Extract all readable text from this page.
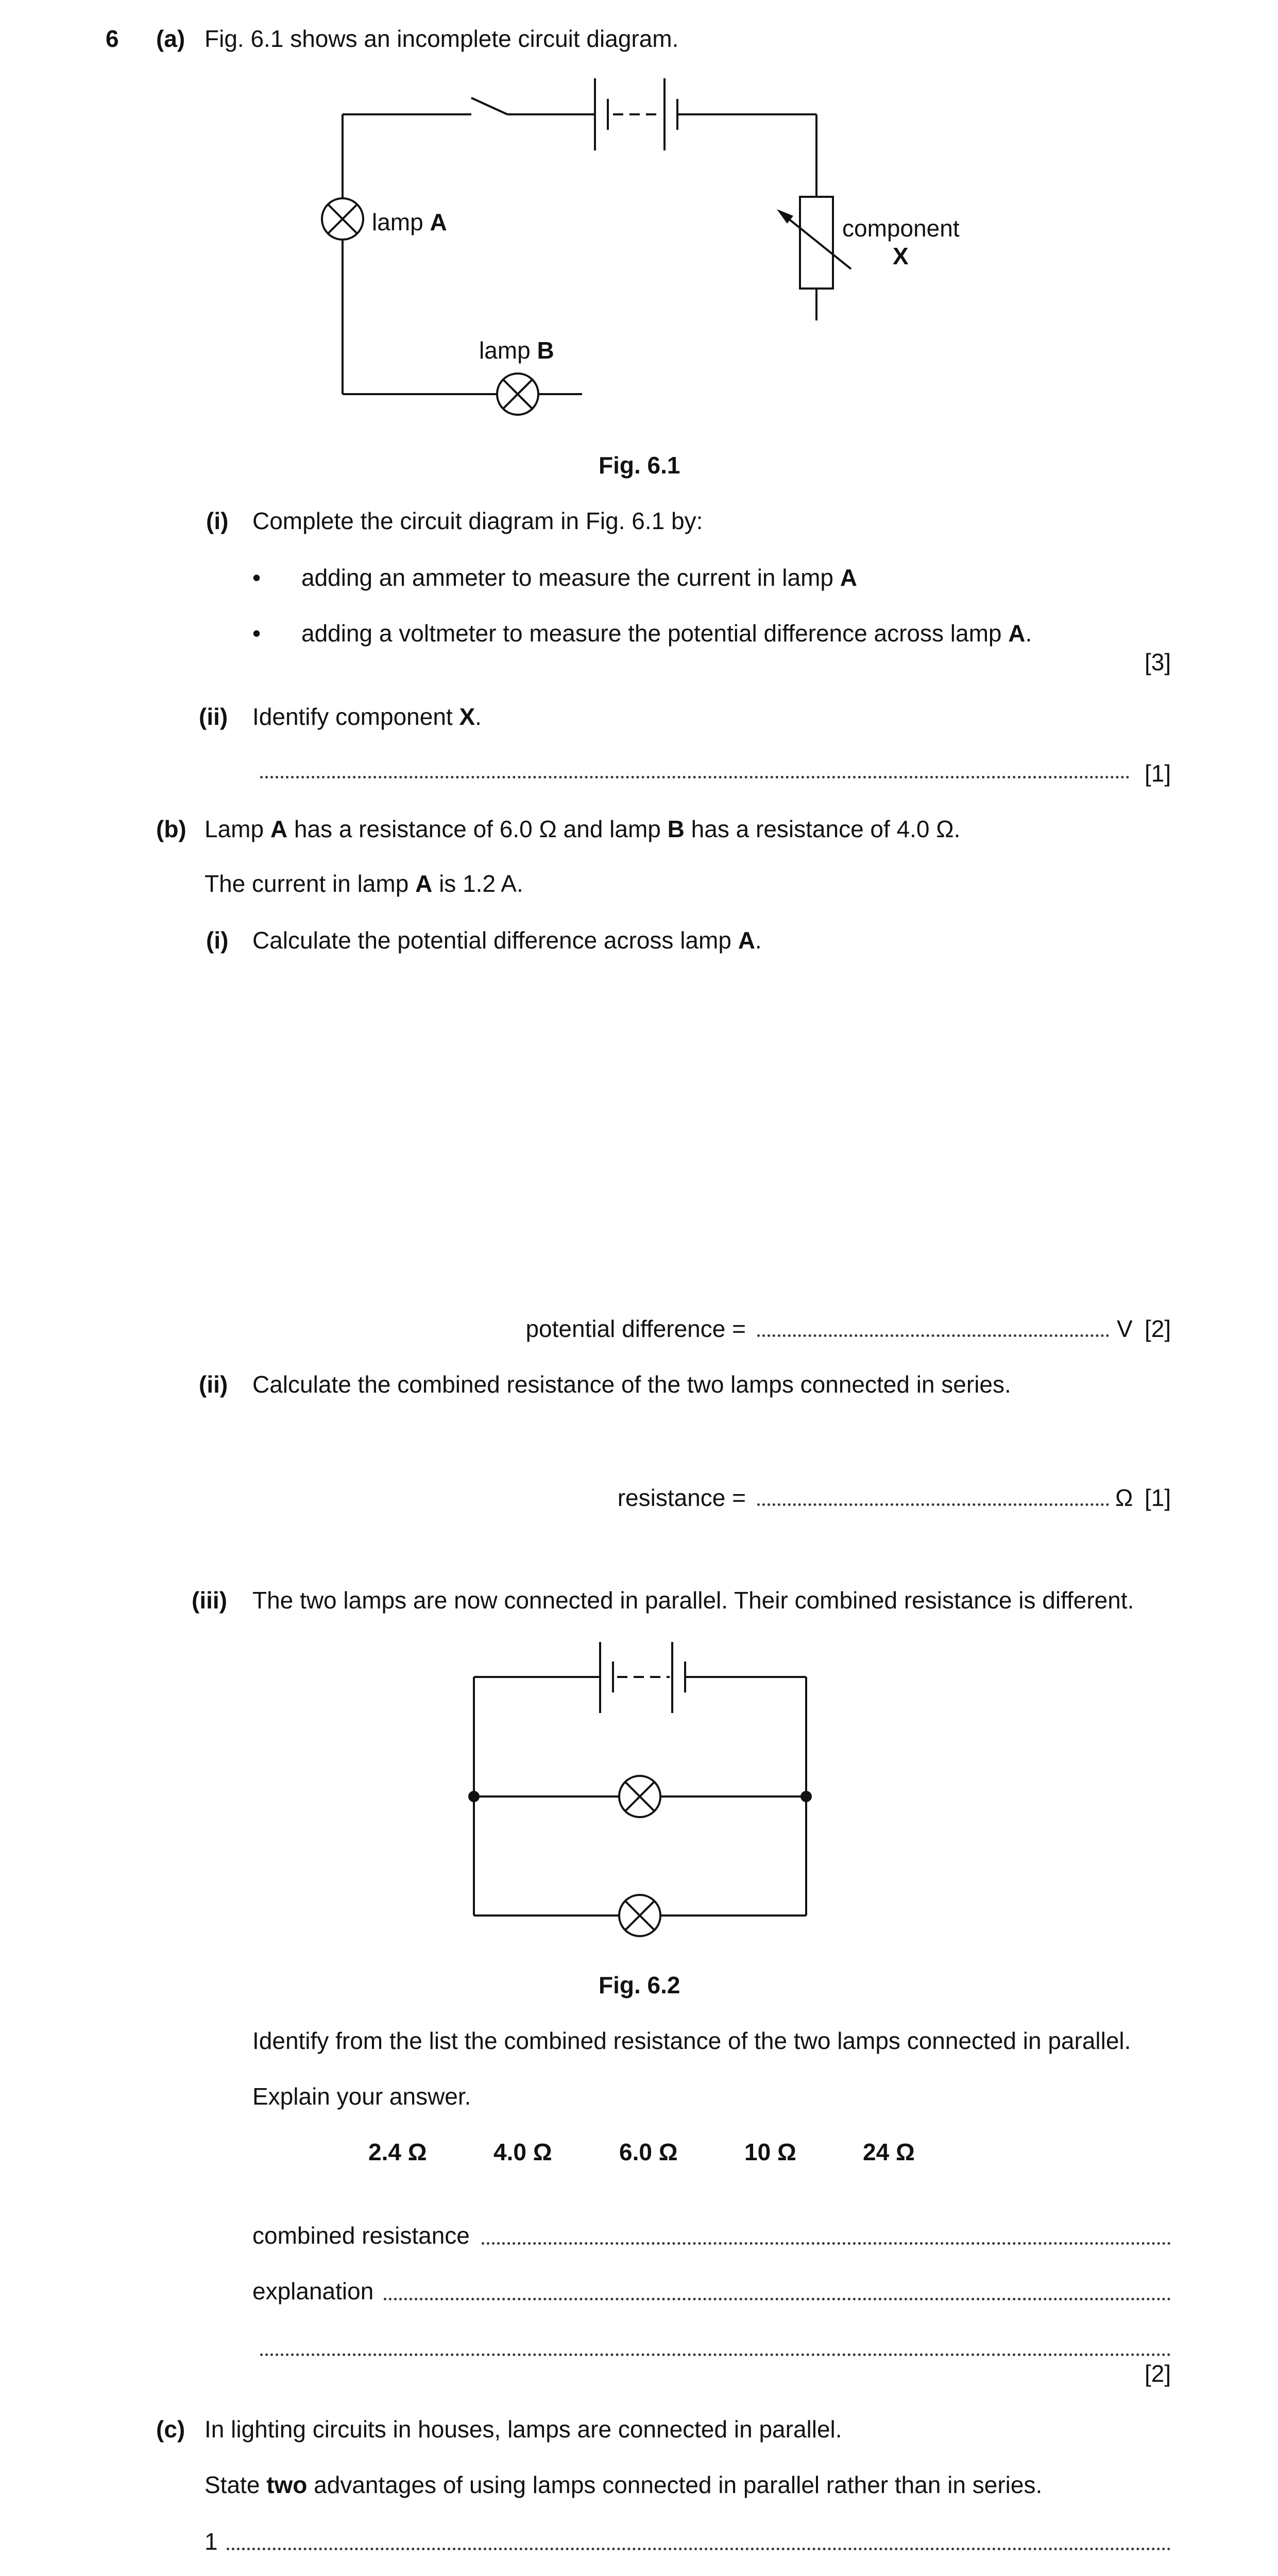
6 (a) Fig. 6.1 shows an incomplete circuit diagram.
lamp A
lamp B
component
X
Fig. 6.1
(i) Complete the circuit diagram in Fig. 6.1 by:
• adding an ammeter to measure the current in lamp A
• adding a voltmeter to measure the potential difference across lamp A.
[3]
(ii) Identify component X.
[1]
(b) Lamp A has a resistance of 6.0 Ω and lamp B has a resistance of 4.0 Ω.
The current in lamp A is 1.2 A.
(i) Calculate the potential difference across lamp A.
potential difference =	V [2]
(ii) Calculate the combined resistance of the two lamps connected in series.
resistance =	Ω [1]
(iii) The two lamps are now connected in parallel. Their combined resistance is different.
Fig. 6.2
Identify from the list the combined resistance of the two lamps connected in parallel.
Explain your answer.
2.4 Ω	4.0 Ω	6.0 Ω	10 Ω	24 Ω
combined resistance
explanation
[2]
(c) In lighting circuits in houses, lamps are connected in parallel.
State two advantages of using lamps connected in parallel rather than in series.
1
